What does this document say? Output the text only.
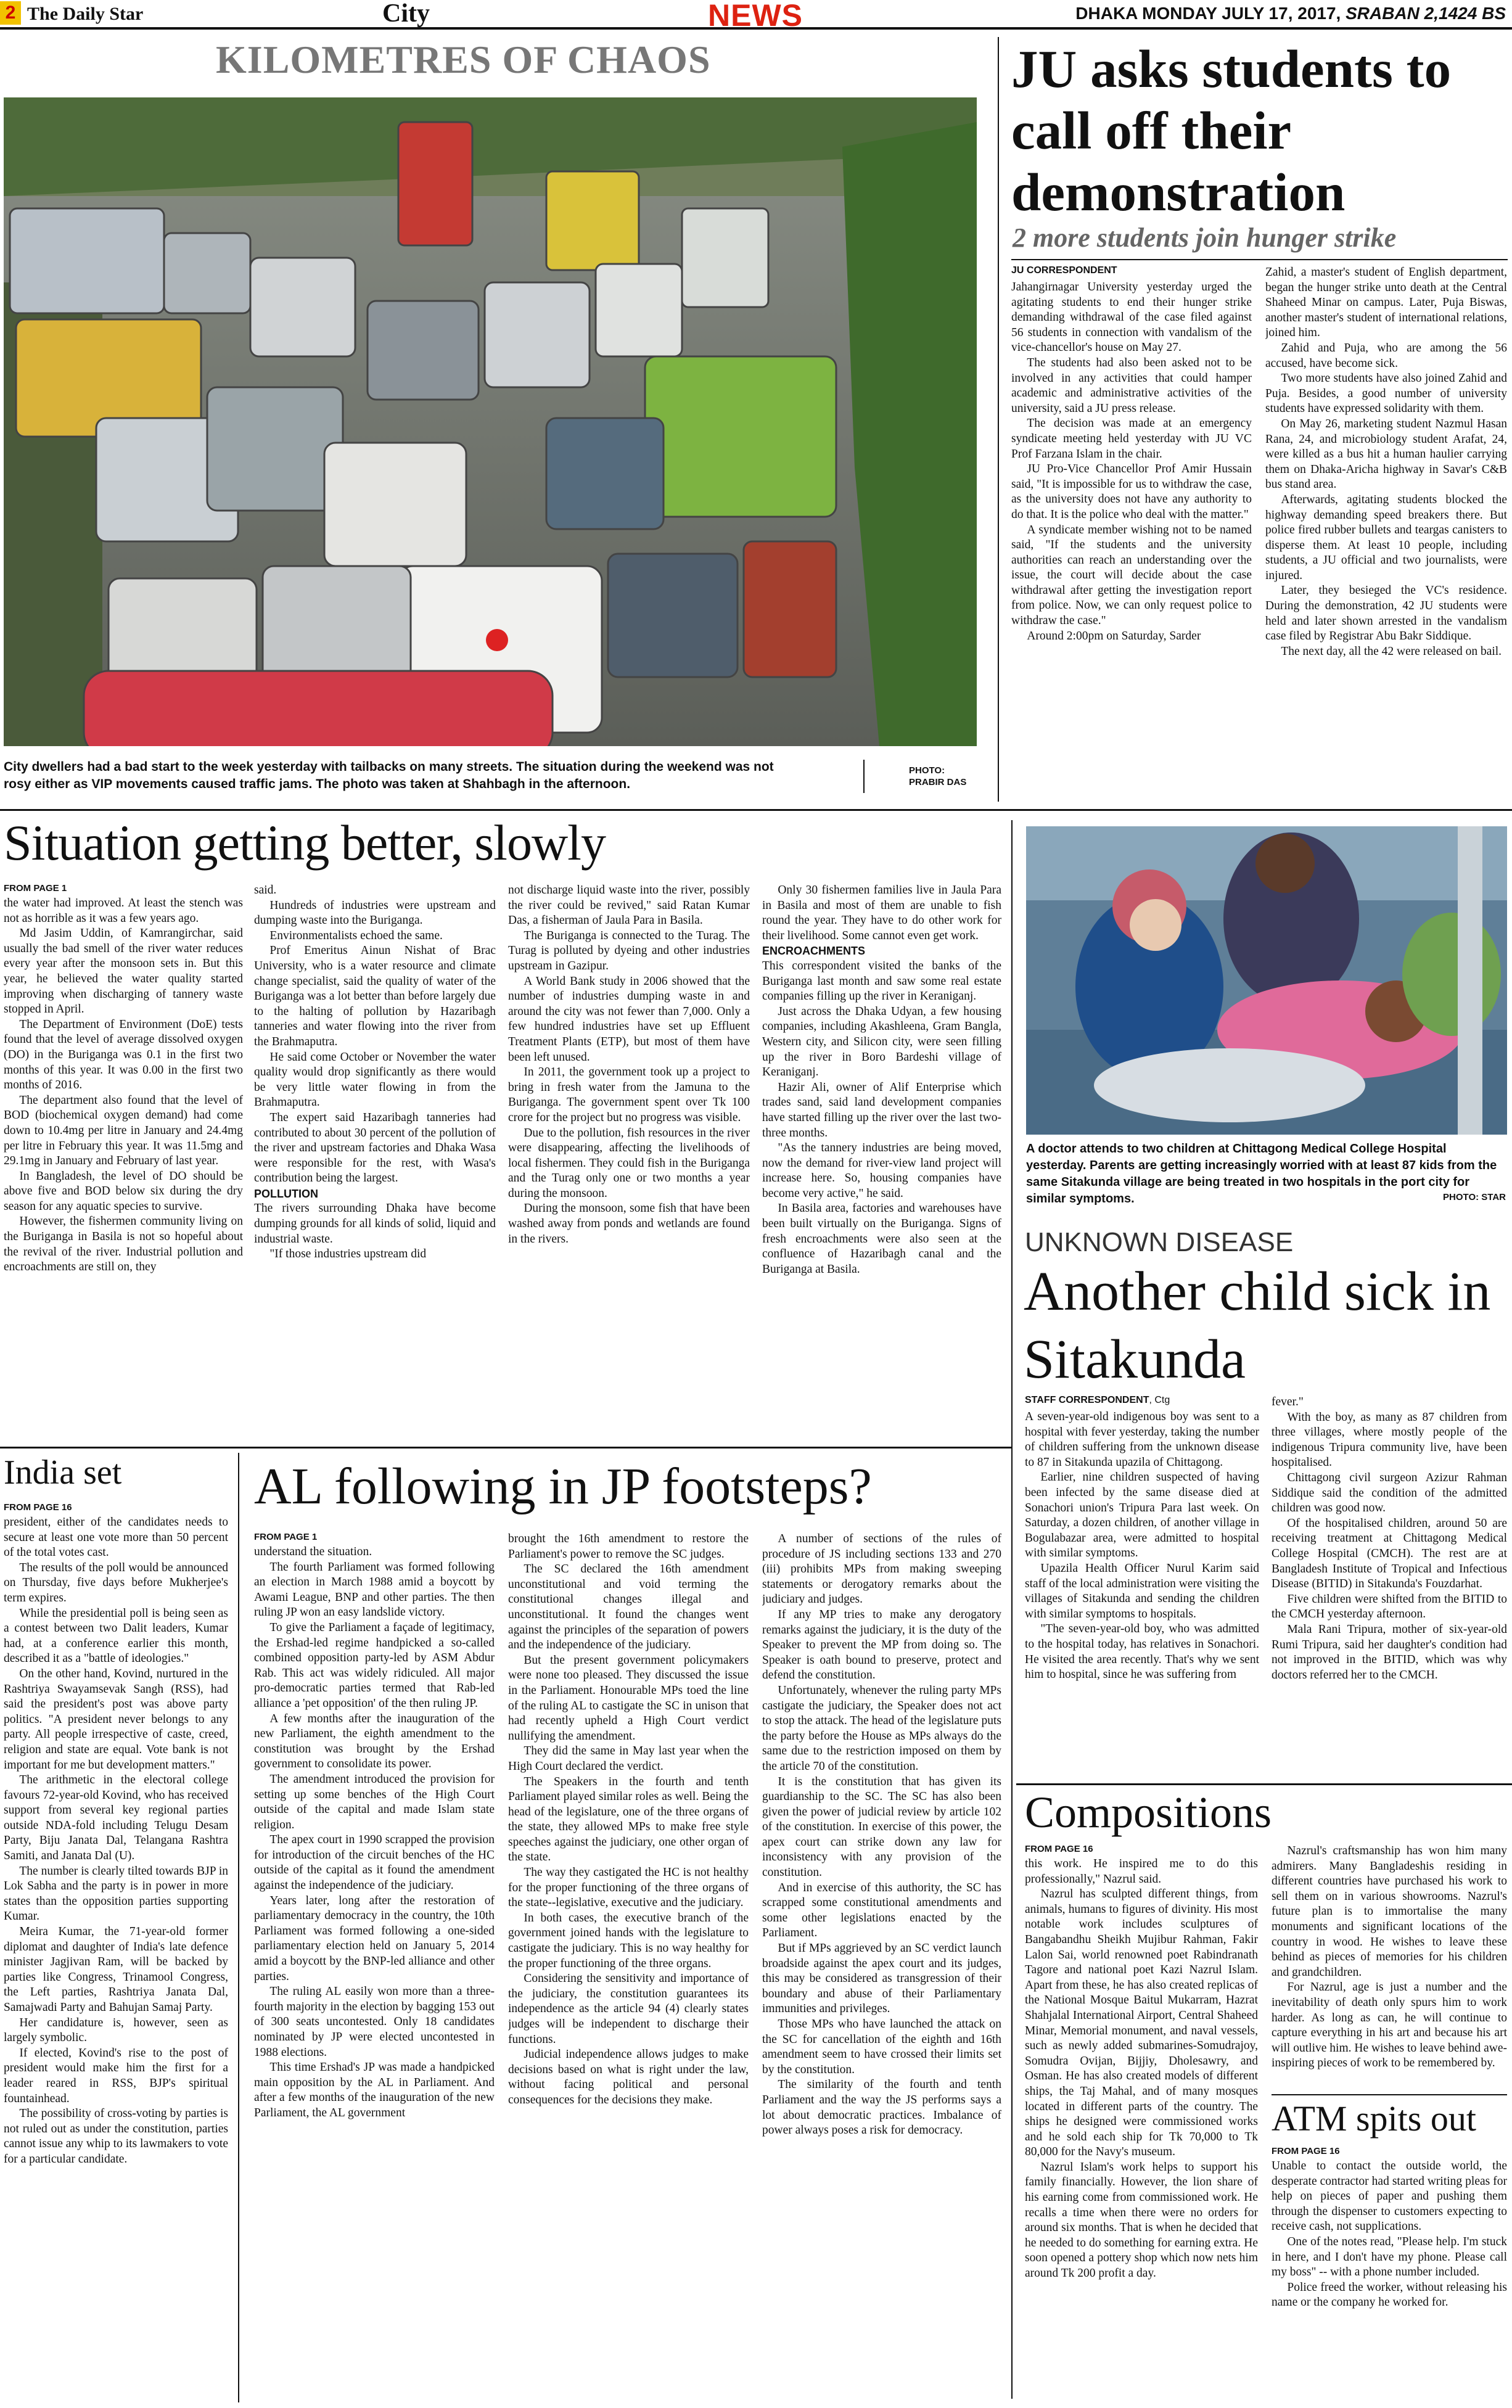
2 The Daily Star	City	NEWS	DHAKA MONDAY JULY 17, 2017, SRABAN 2,1424 BS
KILOMETRES OF CHAOS
City dwellers had a bad start to the week yesterday with tailbacks on many streets. The situation during the weekend was not rosy either as VIP movements caused traffic jams. The photo was taken at Shahbagh in the afternoon.
PHOTO:
PRABIR DAS
JU asks students to call off their demonstration
2 more students join hunger strike
JU CORRESPONDENT

Jahangirnagar University yesterday urged the agitating students to end their hunger strike demanding withdrawal of the case filed against 56 students in connection with vandalism of the vice-chancellor's house on May 27.

The students had also been asked not to be involved in any activities that could hamper academic and administrative activities of the university, said a JU press release.

The decision was made at an emergency syndicate meeting held yesterday with JU VC Prof Farzana Islam in the chair.

JU Pro-Vice Chancellor Prof Amir Hussain said, "It is impossible for us to withdraw the case, as the university does not have any authority to do that. It is the police who deal with the matter."

A syndicate member wishing not to be named said, "If the students and the university authorities can reach an understanding over the issue, the court will decide about the case withdrawal after getting the investigation report from police. Now, we can only request police to withdraw the case."

Around 2:00pm on Saturday, Sarder

Zahid, a master's student of English department, began the hunger strike unto death at the Central Shaheed Minar on campus. Later, Puja Biswas, another master's student of international relations, joined him.

Zahid and Puja, who are among the 56 accused, have become sick.

Two more students have also joined Zahid and Puja. Besides, a good number of university students have expressed solidarity with them.

On May 26, marketing student Nazmul Hasan Rana, 24, and microbiology student Arafat, 24, were killed as a bus hit a human haulier carrying them on Dhaka-Aricha highway in Savar's C&B bus stand area.

Afterwards, agitating students blocked the highway demanding speed breakers there. But police fired rubber bullets and teargas canisters to disperse them. At least 10 people, including students, a JU official and two journalists, were injured.

Later, they besieged the VC's residence. During the demonstration, 42 JU students were held and later shown arrested in the vandalism case filed by Registrar Abu Bakr Siddique.

The next day, all the 42 were released on bail.

Situation getting better, slowly
FROM PAGE 1

the water had improved. At least the stench was not as horrible as it was a few years ago.

Md Jasim Uddin, of Kamrangirchar, said usually the bad smell of the river water reduces every year after the monsoon sets in. But this year, he believed the water quality started improving when discharging of tannery waste stopped in April.

The Department of Environment (DoE) tests found that the level of average dissolved oxygen (DO) in the Buriganga was 0.1 in the first two months of this year. It was 0.00 in the first two months of 2016.

The department also found that the level of BOD (biochemical oxygen demand) had come down to 10.4mg per litre in January and 24.4mg per litre in February this year. It was 11.5mg and 29.1mg in January and February of last year.

In Bangladesh, the level of DO should be above five and BOD below six during the dry season for any aquatic species to survive.

However, the fishermen community living on the Buriganga in Basila is not so hopeful about the revival of the river. Industrial pollution and encroachments are still on, they

said.

Hundreds of industries were upstream and dumping waste into the Buriganga.

Environmentalists echoed the same.

Prof Emeritus Ainun Nishat of Brac University, who is a water resource and climate change specialist, said the quality of water of the Buriganga was a lot better than before largely due to the halting of pollution by Hazaribagh tanneries and water flowing into the river from the Brahmaputra.

He said come October or November the water quality would drop significantly as there would be very little water flowing in from the Brahmaputra.

The expert said Hazaribagh tanneries had contributed to about 30 percent of the pollution of the river and upstream factories and Dhaka Wasa were responsible for the rest, with Wasa's contribution being the largest.

POLLUTION

The rivers surrounding Dhaka have become dumping grounds for all kinds of solid, liquid and industrial waste.

"If those industries upstream did

not discharge liquid waste into the river, possibly the river could be revived," said Ratan Kumar Das, a fisherman of Jaula Para in Basila.

The Buriganga is connected to the Turag. The Turag is polluted by dyeing and other industries upstream in Gazipur.

A World Bank study in 2006 showed that the number of industries dumping waste in and around the city was not fewer than 7,000. Only a few hundred industries have set up Effluent Treatment Plants (ETP), but most of them have been left unused.

In 2011, the government took up a project to bring in fresh water from the Jamuna to the Buriganga. The government spent over Tk 100 crore for the project but no progress was visible.

Due to the pollution, fish resources in the river were disappearing, affecting the livelihoods of local fishermen. They could fish in the Buriganga and the Turag only one or two months a year during the monsoon.

During the monsoon, some fish that have been washed away from ponds and wetlands are found in the rivers.

Only 30 fishermen families live in Jaula Para in Basila and most of them are unable to fish round the year. They have to do other work for their livelihood. Some cannot even get work.

ENCROACHMENTS

This correspondent visited the banks of the Buriganga last month and saw some real estate companies filling up the river in Keraniganj.

Just across the Dhaka Udyan, a few housing companies, including Akashleena, Gram Bangla, Western city, and Silicon city, were seen filling up the river in Boro Bardeshi village of Keraniganj.

Hazir Ali, owner of Alif Enterprise which trades sand, said land development companies have started filling up the river over the last two-three months.

"As the tannery industries are being moved, now the demand for river-view land project will increase here. So, housing companies have become very active," he said.

In Basila area, factories and warehouses have been built virtually on the Buriganga. Signs of fresh encroachments were also seen at the confluence of Hazaribagh canal and the Buriganga at Basila.

A doctor attends to two children at Chittagong Medical College Hospital yesterday. Parents are getting increasingly worried with at least 87 kids from the same Sitakunda village are being treated in two hospitals in the port city for similar symptoms.	PHOTO: STAR
UNKNOWN DISEASE
Another child sick in Sitakunda
STAFF CORRESPONDENT, Ctg

A seven-year-old indigenous boy was sent to a hospital with fever yesterday, taking the number of children suffering from the unknown disease to 87 in Sitakunda upazila of Chittagong.

Earlier, nine children suspected of having been infected by the same disease died at Sonachori union's Tripura Para last week. On Saturday, a dozen children, of another village in Bogulabazar area, were admitted to hospital with similar symptoms.

Upazila Health Officer Nurul Karim said staff of the local administration were visiting the villages of Sitakunda and sending the children with similar symptoms to hospitals.

"The seven-year-old boy, who was admitted to the hospital today, has relatives in Sonachori. He visited the area recently. That's why we sent him to hospital, since he was suffering from

fever."

With the boy, as many as 87 children from three villages, where mostly people of the indigenous Tripura community live, have been hospitalised.

Chittagong civil surgeon Azizur Rahman Siddique said the condition of the admitted children was good now.

Of the hospitalised children, around 50 are receiving treatment at Chittagong Medical College Hospital (CMCH). The rest are at Bangladesh Institute of Tropical and Infectious Disease (BITID) in Sitakunda's Fouzdarhat.

Five children were shifted from the BITID to the CMCH yesterday afternoon.

Mala Rani Tripura, mother of six-year-old Rumi Tripura, said her daughter's condition had not improved in the BITID, which was why doctors referred her to the CMCH.

India set
FROM PAGE 16

president, either of the candidates needs to secure at least one vote more than 50 percent of the total votes cast.

The results of the poll would be announced on Thursday, five days before Mukherjee's term expires.

While the presidential poll is being seen as a contest between two Dalit leaders, Kumar had, at a conference earlier this month, described it as a "battle of ideologies."

On the other hand, Kovind, nurtured in the Rashtriya Swayamsevak Sangh (RSS), had said the president's post was above party politics. "A president never belongs to any party. All people irrespective of caste, creed, religion and state are equal. Vote bank is not important for me but development matters."

The arithmetic in the electoral college favours 72-year-old Kovind, who has received support from several key regional parties outside NDA-fold including Telugu Desam Party, Biju Janata Dal, Telangana Rashtra Samiti, and Janata Dal (U).

The number is clearly tilted towards BJP in Lok Sabha and the party is in power in more states than the opposition parties supporting Kumar.

Meira Kumar, the 71-year-old former diplomat and daughter of India's late defence minister Jagjivan Ram, will be backed by parties like Congress, Trinamool Congress, the Left parties, Rashtriya Janata Dal, Samajwadi Party and Bahujan Samaj Party.

Her candidature is, however, seen as largely symbolic.

If elected, Kovind's rise to the post of president would make him the first for a leader reared in RSS, BJP's spiritual fountainhead.

The possibility of cross-voting by parties is not ruled out as under the constitution, parties cannot issue any whip to its lawmakers to vote for a particular candidate.

AL following in JP footsteps?
FROM PAGE 1

understand the situation.

The fourth Parliament was formed following an election in March 1988 amid a boycott by Awami League, BNP and other parties. The then ruling JP won an easy landslide victory.

To give the Parliament a façade of legitimacy, the Ershad-led regime handpicked a so-called combined opposition party-led by ASM Abdur Rab. This act was widely ridiculed. All major pro-democratic parties termed that Rab-led alliance a 'pet opposition' of the then ruling JP.

A few months after the inauguration of the new Parliament, the eighth amendment to the constitution was brought by the Ershad government to consolidate its power.

The amendment introduced the provision for setting up some benches of the High Court outside of the capital and made Islam state religion.

The apex court in 1990 scrapped the provision for introduction of the circuit benches of the HC outside of the capital as it found the amendment against the independence of the judiciary.

Years later, long after the restoration of parliamentary democracy in the country, the 10th Parliament was formed following a one-sided parliamentary election held on January 5, 2014 amid a boycott by the BNP-led alliance and other parties.

The ruling AL easily won more than a three-fourth majority in the election by bagging 153 out of 300 seats uncontested. Only 18 candidates nominated by JP were elected uncontested in 1988 elections.

This time Ershad's JP was made a handpicked main opposition by the AL in Parliament. And after a few months of the inauguration of the new Parliament, the AL government

brought the 16th amendment to restore the Parliament's power to remove the SC judges.

The SC declared the 16th amendment unconstitutional and void terming the constitutional changes illegal and unconstitutional. It found the changes went against the principles of the separation of powers and the independence of the judiciary.

But the present government policymakers were none too pleased. They discussed the issue in the Parliament. Honourable MPs toed the line of the ruling AL to castigate the SC in unison that had recently upheld a High Court verdict nullifying the amendment.

They did the same in May last year when the High Court declared the verdict.

The Speakers in the fourth and tenth Parliament played similar roles as well. Being the head of the legislature, one of the three organs of the state, they allowed MPs to make free style speeches against the judiciary, one other organ of the state.

The way they castigated the HC is not healthy for the proper functioning of the three organs of the state--legislative, executive and the judiciary.

In both cases, the executive branch of the government joined hands with the legislature to castigate the judiciary. This is no way healthy for the proper functioning of the three organs.

Considering the sensitivity and importance of the judiciary, the constitution guarantees its independence as the article 94 (4) clearly states judges will be independent to discharge their functions.

Judicial independence allows judges to make decisions based on what is right under the law, without facing political and personal consequences for the decisions they make.

A number of sections of the rules of procedure of JS including sections 133 and 270 (iii) prohibits MPs from making sweeping statements or derogatory remarks about the judiciary and judges.

If any MP tries to make any derogatory remarks against the judiciary, it is the duty of the Speaker to prevent the MP from doing so. The Speaker is oath bound to preserve, protect and defend the constitution.

Unfortunately, whenever the ruling party MPs castigate the judiciary, the Speaker does not act to stop the attack. The head of the legislature puts the party before the House as MPs always do the same due to the restriction imposed on them by the article 70 of the constitution.

It is the constitution that has given its guardianship to the SC. The SC has also been given the power of judicial review by article 102 of the constitution. In exercise of this power, the apex court can strike down any law for inconsistency with any provision of the constitution.

And in exercise of this authority, the SC has scrapped some constitutional amendments and some other legislations enacted by the Parliament.

But if MPs aggrieved by an SC verdict launch broadside against the apex court and its judges, this may be considered as transgression of their boundary and abuse of their Parliamentary immunities and privileges.

Those MPs who have launched the attack on the SC for cancellation of the eighth and 16th amendment seem to have crossed their limits set by the constitution.

The similarity of the fourth and tenth Parliament and the way the JS performs says a lot about democratic practices. Imbalance of power always poses a risk for democracy.

Compositions
FROM PAGE 16

this work. He inspired me to do this professionally," Nazrul said.

Nazrul has sculpted different things, from animals, humans to figures of divinity. His most notable work includes sculptures of Bangabandhu Sheikh Mujibur Rahman, Fakir Lalon Sai, world renowned poet Rabindranath Tagore and national poet Kazi Nazrul Islam. Apart from these, he has also created replicas of the National Mosque Baitul Mukarram, Hazrat Shahjalal International Airport, Central Shaheed Minar, Memorial monument, and naval vessels, such as newly added submarines-Somudrajoy, Somudra Ovijan, Bijjiy, Dholesawry, and Osman. He has also created models of different ships, the Taj Mahal, and of many mosques located in different parts of the country. The ships he designed were commissioned works and he sold each ship for Tk 70,000 to Tk 80,000 for the Navy's museum.

Nazrul Islam's work helps to support his family financially. However, the lion share of his earning come from commissioned work. He recalls a time when there were no orders for around six months. That is when he decided that he needed to do something for earning extra. He soon opened a pottery shop which now nets him around Tk 200 profit a day.

Nazrul's craftsmanship has won him many admirers. Many Bangladeshis residing in different countries have purchased his work to sell them on in various showrooms. Nazrul's future plan is to immortalise the many monuments and significant locations of the country in wood. He wishes to leave these behind as pieces of memories for his children and grandchildren.

For Nazrul, age is just a number and the inevitability of death only spurs him to work harder. As long as can, he will continue to capture everything in his art and because his art will outlive him. He wishes to leave behind awe-inspiring pieces of work to be remembered by.

ATM spits out
FROM PAGE 16

Unable to contact the outside world, the desperate contractor had started writing pleas for help on pieces of paper and pushing them through the dispenser to customers expecting to receive cash, not supplications.

One of the notes read, "Please help. I'm stuck in here, and I don't have my phone. Please call my boss" -- with a phone number included.

Police freed the worker, without releasing his name or the company he worked for.
